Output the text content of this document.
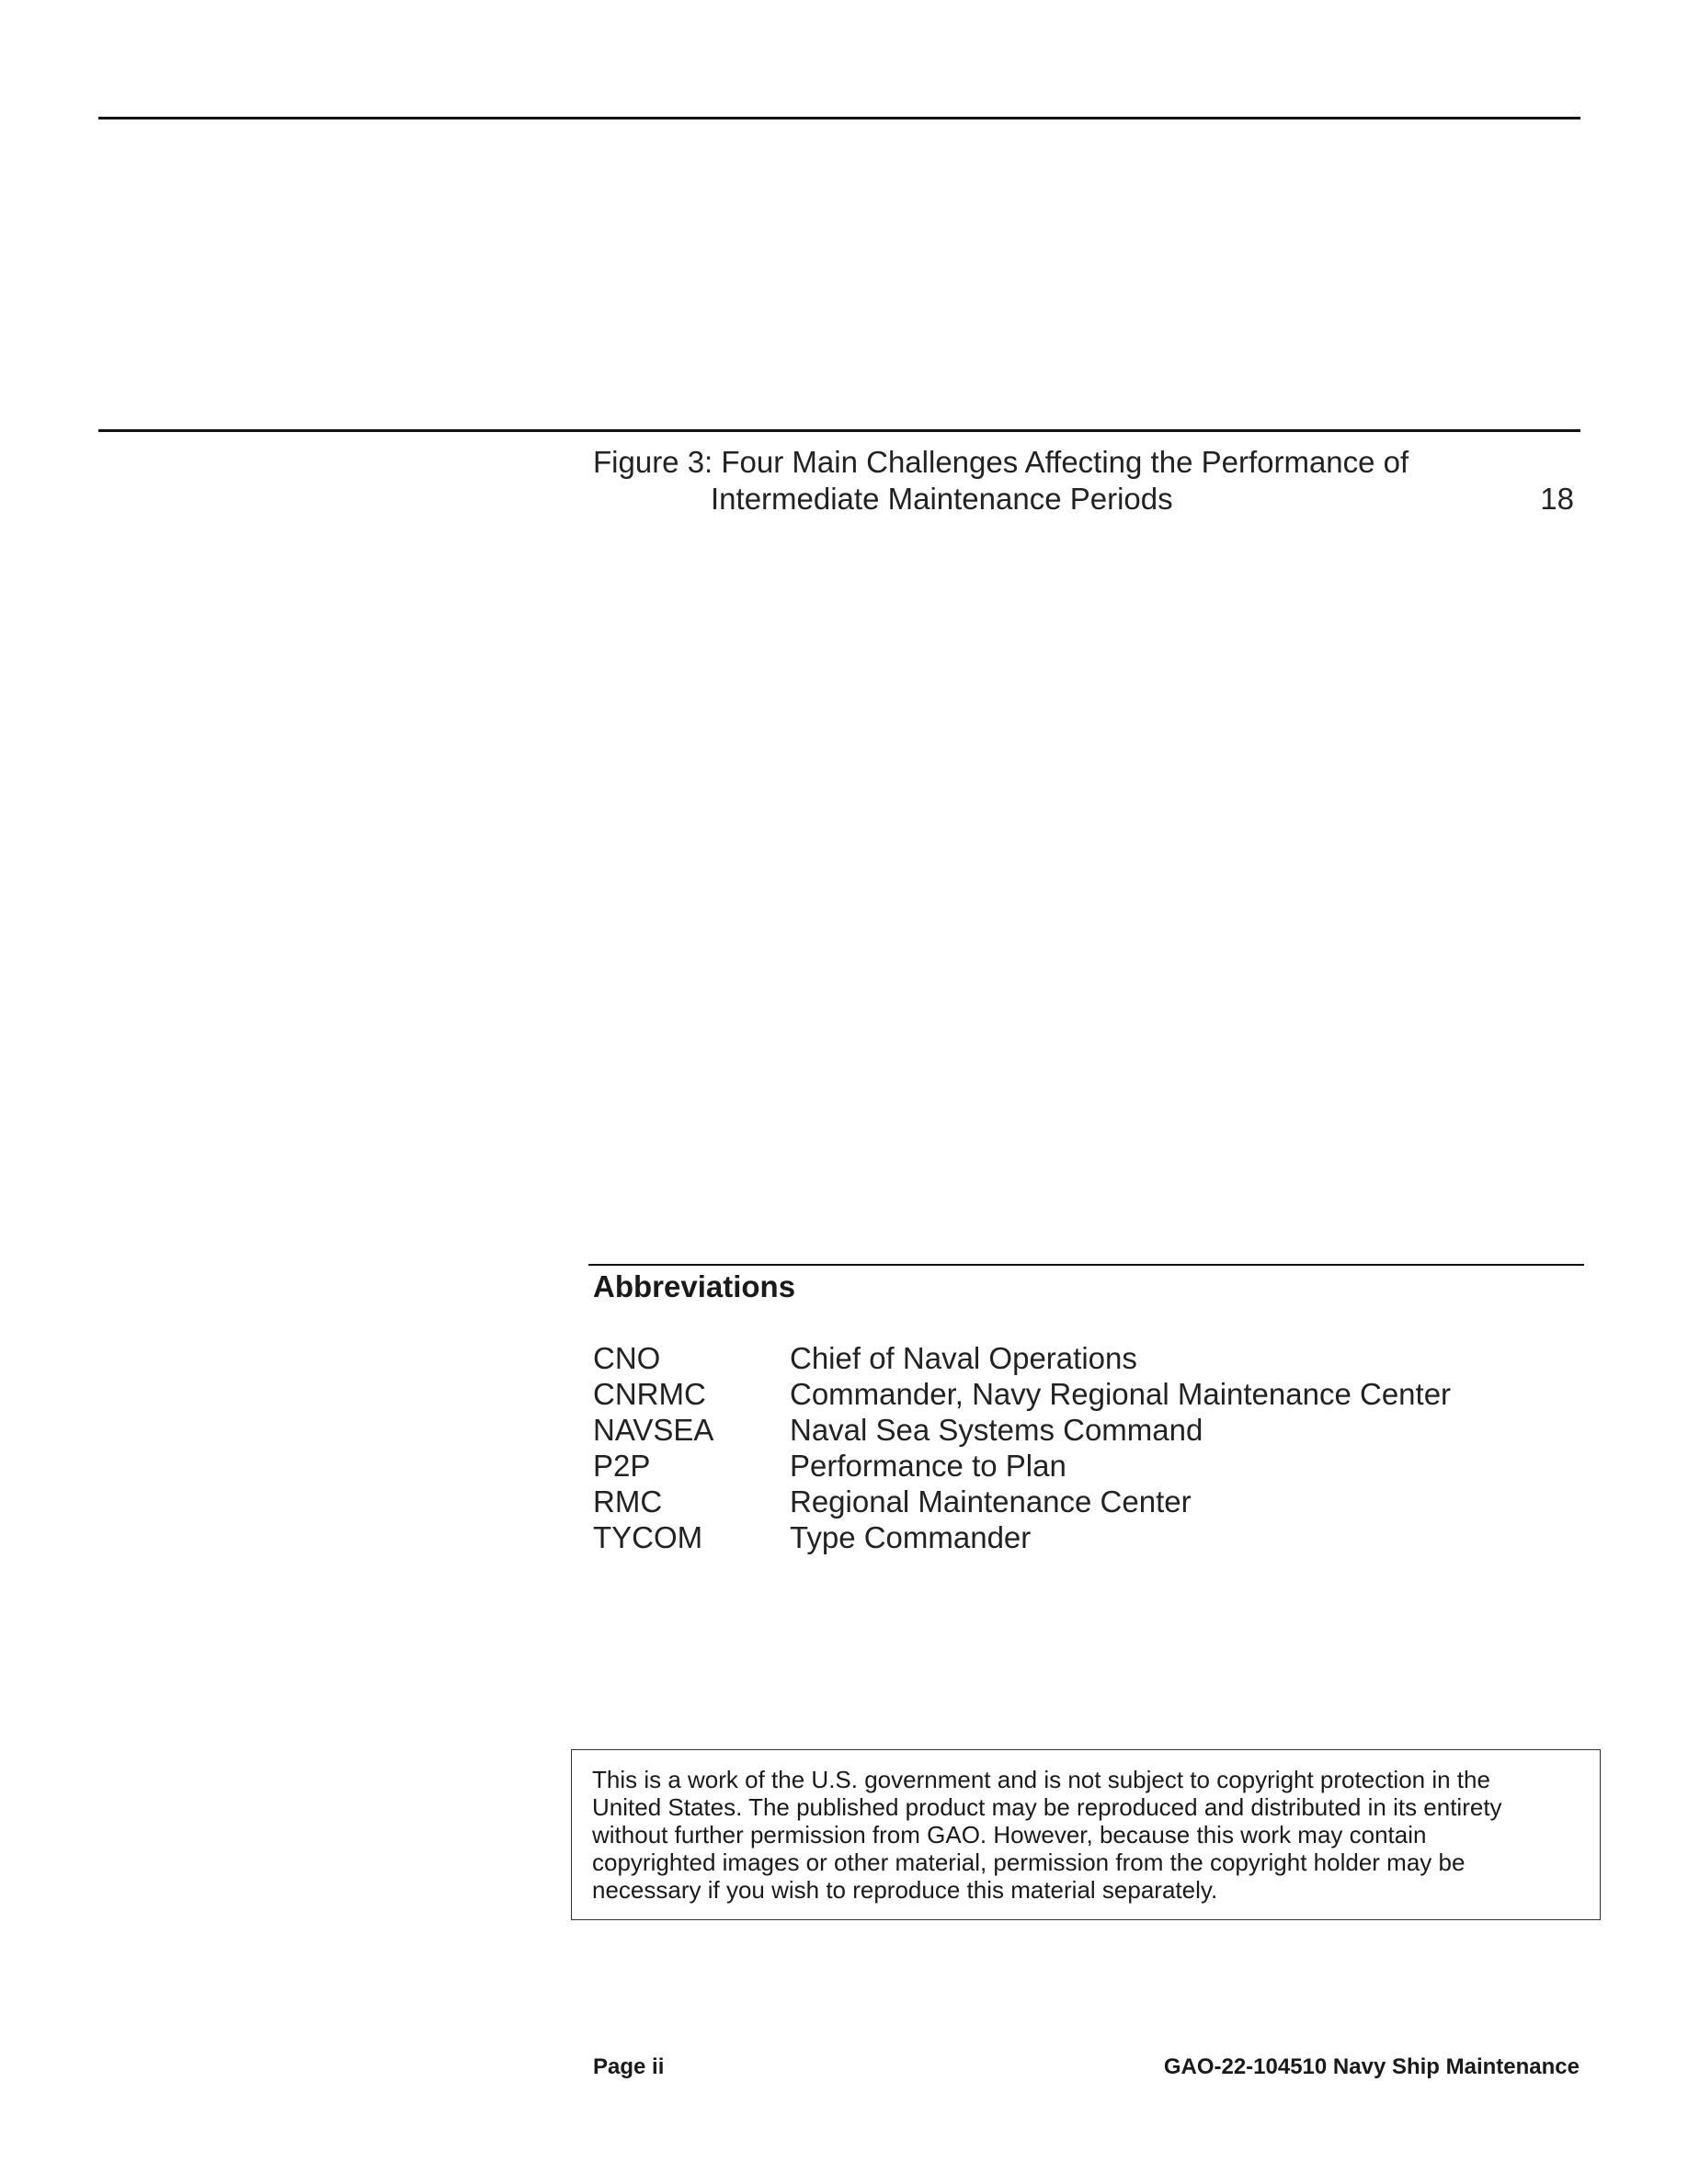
Figure 3: Four Main Challenges Affecting the Performance of
Intermediate Maintenance Periods	18
Abbreviations
CNO	Chief of Naval Operations
CNRMC	Commander, Navy Regional Maintenance Center
NAVSEA	Naval Sea Systems Command
P2P	Performance to Plan
RMC	Regional Maintenance Center
TYCOM	Type Commander
This is a work of the U.S. government and is not subject to copyright protection in the
United States. The published product may be reproduced and distributed in its entirety
without further permission from GAO. However, because this work may contain
copyrighted images or other material, permission from the copyright holder may be
necessary if you wish to reproduce this material separately.
Page ii	GAO-22-104510 Navy Ship Maintenance
